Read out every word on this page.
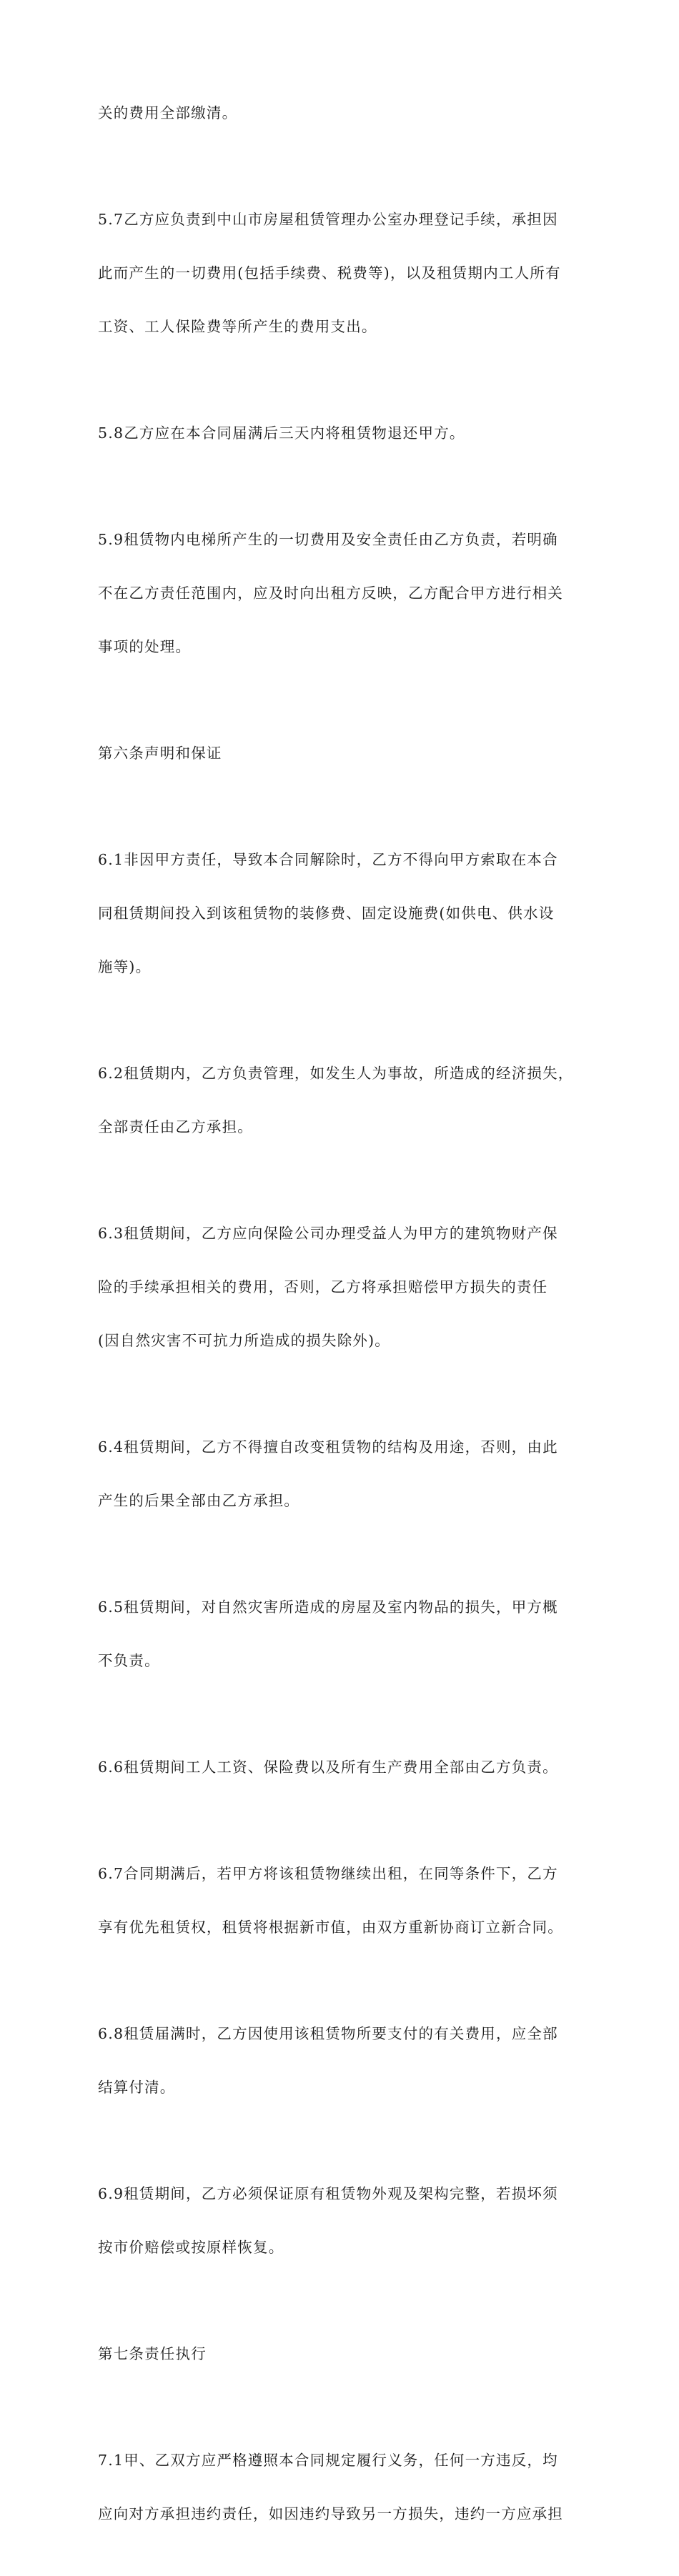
关的费用全部缴清。

5.7乙方应负责到中山市房屋租赁管理办公室办理登记手续，承担因

此而产生的一切费用(包括手续费、税费等)，以及租赁期内工人所有

工资、工人保险费等所产生的费用支出。

5.8乙方应在本合同届满后三天内将租赁物退还甲方。

5.9租赁物内电梯所产生的一切费用及安全责任由乙方负责，若明确

不在乙方责任范围内，应及时向出租方反映，乙方配合甲方进行相关

事项的处理。

第六条声明和保证

6.1非因甲方责任，导致本合同解除时，乙方不得向甲方索取在本合

同租赁期间投入到该租赁物的装修费、固定设施费(如供电、供水设

施等)。

6.2租赁期内，乙方负责管理，如发生人为事故，所造成的经济损失，

全部责任由乙方承担。

6.3租赁期间，乙方应向保险公司办理受益人为甲方的建筑物财产保

险的手续承担相关的费用，否则，乙方将承担赔偿甲方损失的责任

(因自然灾害不可抗力所造成的损失除外)。

6.4租赁期间，乙方不得擅自改变租赁物的结构及用途，否则，由此

产生的后果全部由乙方承担。

6.5租赁期间，对自然灾害所造成的房屋及室内物品的损失，甲方概

不负责。

6.6租赁期间工人工资、保险费以及所有生产费用全部由乙方负责。

6.7合同期满后，若甲方将该租赁物继续出租，在同等条件下，乙方

享有优先租赁权，租赁将根据新市值，由双方重新协商订立新合同。

6.8租赁届满时，乙方因使用该租赁物所要支付的有关费用，应全部

结算付清。

6.9租赁期间，乙方必须保证原有租赁物外观及架构完整，若损坏须

按市价赔偿或按原样恢复。

第七条责任执行

7.1甲、乙双方应严格遵照本合同规定履行义务，任何一方违反，均

应向对方承担违约责任，如因违约导致另一方损失，违约一方应承担
